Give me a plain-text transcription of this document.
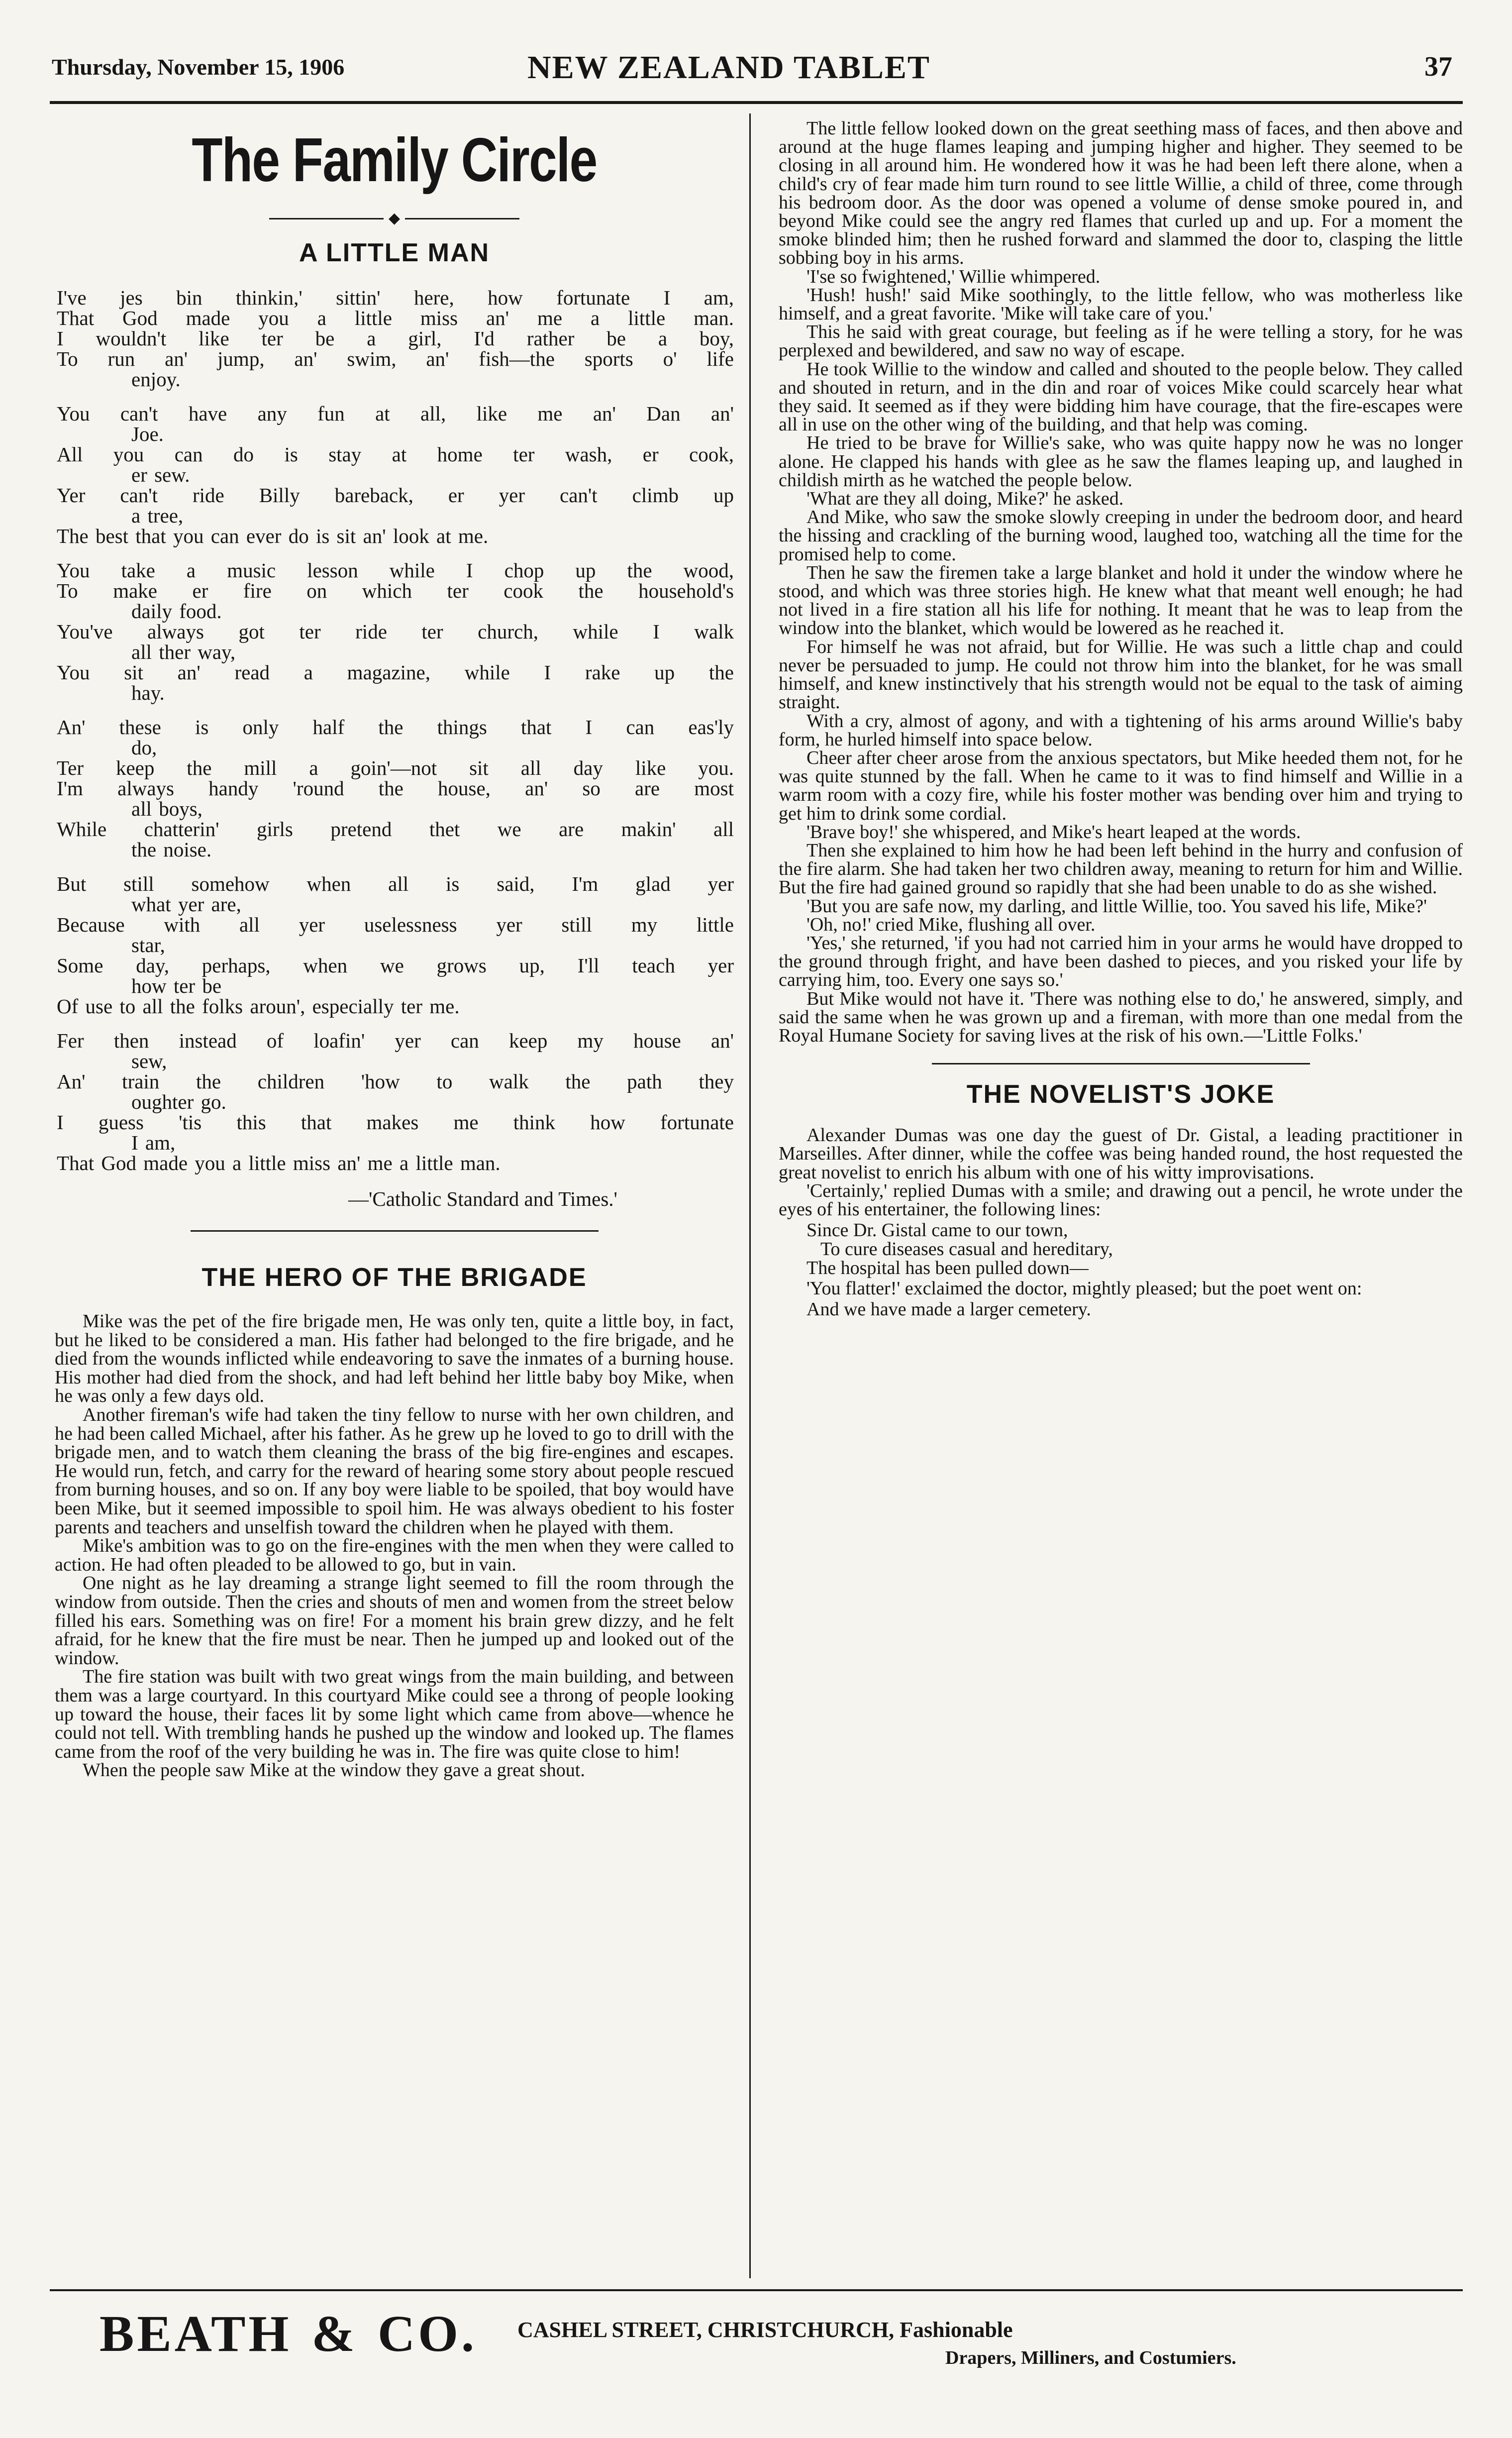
Thursday, November 15, 1906	NEW ZEALAND TABLET	37
The Family Circle
◆
A LITTLE MAN
I've jes bin thinkin,' sittin' here, how fortunate I am,
That God made you a little miss an' me a little man.
I wouldn't like ter be a girl, I'd rather be a boy,
To run an' jump, an' swim, an' fish—the sports o' life
enjoy.
You can't have any fun at all, like me an' Dan an'
Joe.
All you can do is stay at home ter wash, er cook,
er sew.
Yer can't ride Billy bareback, er yer can't climb up
a tree,
The best that you can ever do is sit an' look at me.
You take a music lesson while I chop up the wood,
To make er fire on which ter cook the household's
daily food.
You've always got ter ride ter church, while I walk
all ther way,
You sit an' read a magazine, while I rake up the
hay.
An' these is only half the things that I can eas'ly
do,
Ter keep the mill a goin'—not sit all day like you.
I'm always handy 'round the house, an' so are most
all boys,
While chatterin' girls pretend thet we are makin' all
the noise.
But still somehow when all is said, I'm glad yer
what yer are,
Because with all yer uselessness yer still my little
star,
Some day, perhaps, when we grows up, I'll teach yer
how ter be
Of use to all the folks aroun', especially ter me.
Fer then instead of loafin' yer can keep my house an'
sew,
An' train the children 'how to walk the path they
oughter go.
I guess 'tis this that makes me think how fortunate
I am,
That God made you a little miss an' me a little man.
—'Catholic Standard and Times.'
THE HERO OF THE BRIGADE

Mike was the pet of the fire brigade men, He was only ten, quite a little boy, in fact, but he liked to be considered a man. His father had belonged to the fire brigade, and he died from the wounds inflicted while endeavoring to save the inmates of a burning house. His mother had died from the shock, and had left behind her little baby boy Mike, when he was only a few days old.

Another fireman's wife had taken the tiny fellow to nurse with her own children, and he had been called Michael, after his father. As he grew up he loved to go to drill with the brigade men, and to watch them cleaning the brass of the big fire-engines and escapes. He would run, fetch, and carry for the reward of hearing some story about people rescued from burning houses, and so on. If any boy were liable to be spoiled, that boy would have been Mike, but it seemed impossible to spoil him. He was always obedient to his foster parents and teachers and unselfish toward the children when he played with them.

Mike's ambition was to go on the fire-engines with the men when they were called to action. He had often pleaded to be allowed to go, but in vain.

One night as he lay dreaming a strange light seemed to fill the room through the window from outside. Then the cries and shouts of men and women from the street below filled his ears. Something was on fire! For a moment his brain grew dizzy, and he felt afraid, for he knew that the fire must be near. Then he jumped up and looked out of the window.

The fire station was built with two great wings from the main building, and between them was a large courtyard. In this courtyard Mike could see a throng of people looking up toward the house, their faces lit by some light which came from above—whence he could not tell. With trembling hands he pushed up the window and looked up. The flames came from the roof of the very building he was in. The fire was quite close to him!

When the people saw Mike at the window they gave a great shout.

The little fellow looked down on the great seething mass of faces, and then above and around at the huge flames leaping and jumping higher and higher. They seemed to be closing in all around him. He wondered how it was he had been left there alone, when a child's cry of fear made him turn round to see little Willie, a child of three, come through his bedroom door. As the door was opened a volume of dense smoke poured in, and beyond Mike could see the angry red flames that curled up and up. For a moment the smoke blinded him; then he rushed forward and slammed the door to, clasping the little sobbing boy in his arms.

'I'se so fwightened,' Willie whimpered.

'Hush! hush!' said Mike soothingly, to the little fellow, who was motherless like himself, and a great favorite. 'Mike will take care of you.'

This he said with great courage, but feeling as if he were telling a story, for he was perplexed and bewildered, and saw no way of escape.

He took Willie to the window and called and shouted to the people below. They called and shouted in return, and in the din and roar of voices Mike could scarcely hear what they said. It seemed as if they were bidding him have courage, that the fire-escapes were all in use on the other wing of the building, and that help was coming.

He tried to be brave for Willie's sake, who was quite happy now he was no longer alone. He clapped his hands with glee as he saw the flames leaping up, and laughed in childish mirth as he watched the people below.

'What are they all doing, Mike?' he asked.

And Mike, who saw the smoke slowly creeping in under the bedroom door, and heard the hissing and crackling of the burning wood, laughed too, watching all the time for the promised help to come.

Then he saw the firemen take a large blanket and hold it under the window where he stood, and which was three stories high. He knew what that meant well enough; he had not lived in a fire station all his life for nothing. It meant that he was to leap from the window into the blanket, which would be lowered as he reached it.

For himself he was not afraid, but for Willie. He was such a little chap and could never be persuaded to jump. He could not throw him into the blanket, for he was small himself, and knew instinctively that his strength would not be equal to the task of aiming straight.

With a cry, almost of agony, and with a tightening of his arms around Willie's baby form, he hurled himself into space below.

Cheer after cheer arose from the anxious spectators, but Mike heeded them not, for he was quite stunned by the fall. When he came to it was to find himself and Willie in a warm room with a cozy fire, while his foster mother was bending over him and trying to get him to drink some cordial.

'Brave boy!' she whispered, and Mike's heart leaped at the words.

Then she explained to him how he had been left behind in the hurry and confusion of the fire alarm. She had taken her two children away, meaning to return for him and Willie. But the fire had gained ground so rapidly that she had been unable to do as she wished.

'But you are safe now, my darling, and little Willie, too. You saved his life, Mike?'

'Oh, no!' cried Mike, flushing all over.

'Yes,' she returned, 'if you had not carried him in your arms he would have dropped to the ground through fright, and have been dashed to pieces, and you risked your life by carrying him, too. Every one says so.'

But Mike would not have it. 'There was nothing else to do,' he answered, simply, and said the same when he was grown up and a fireman, with more than one medal from the Royal Humane Society for saving lives at the risk of his own.—'Little Folks.'

THE NOVELIST'S JOKE

Alexander Dumas was one day the guest of Dr. Gistal, a leading practitioner in Marseilles. After dinner, while the coffee was being handed round, the host requested the great novelist to enrich his album with one of his witty improvisations.

'Certainly,' replied Dumas with a smile; and drawing out a pencil, he wrote under the eyes of his entertainer, the following lines:

Since Dr. Gistal came to our town,
To cure diseases casual and hereditary,
The hospital has been pulled down—

'You flatter!' exclaimed the doctor, mightly pleased; but the poet went on:

And we have made a larger cemetery.
BEATH & CO. CASHEL STREET, CHRISTCHURCH, Fashionable
Drapers, Milliners, and Costumiers.
